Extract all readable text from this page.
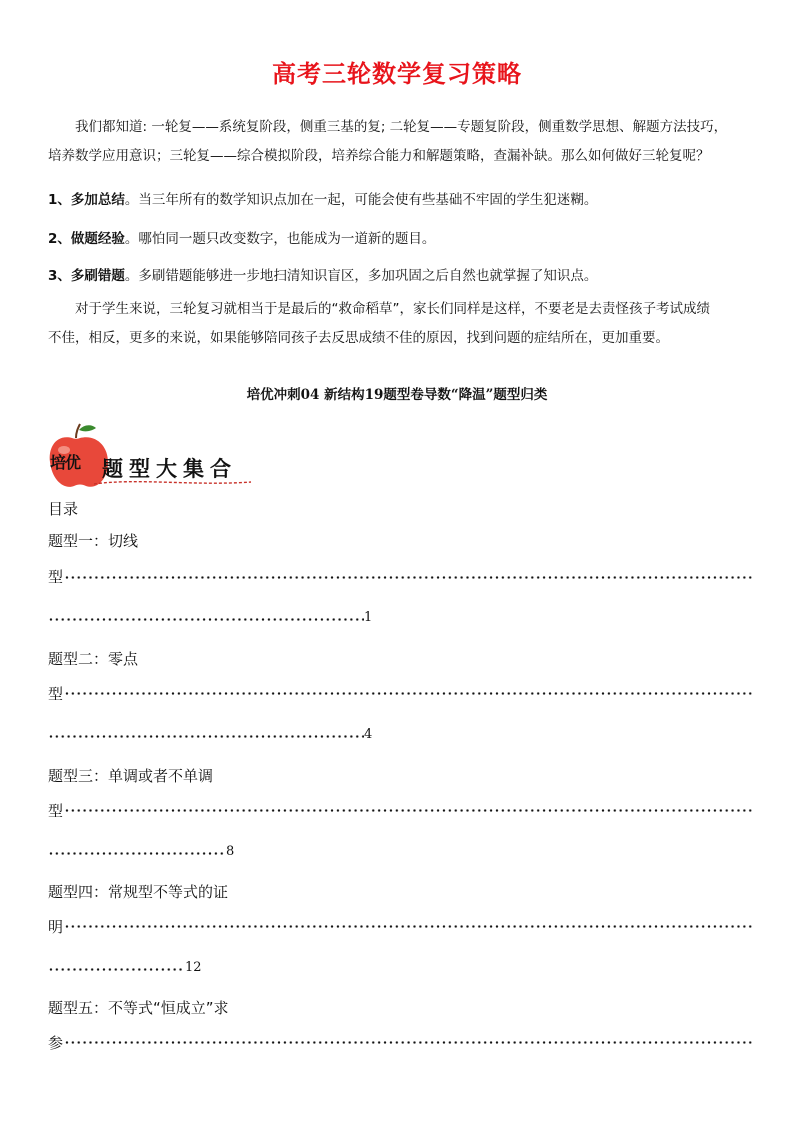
高考三轮数学复习策略
我们都知道: 一轮复——系统复阶段，侧重三基的复; 二轮复——专题复阶段，侧重数学思想、解题方法技巧，
培养数学应用意识；三轮复——综合模拟阶段，培养综合能力和解题策略，查漏补缺。那么如何做好三轮复呢？
1、多加总结。当三年所有的数学知识点加在一起，可能会使有些基础不牢固的学生犯迷糊。
2、做题经验。哪怕同一题只改变数字，也能成为一道新的题目。
3、多刷错题。多刷错题能够进一步地扫清知识盲区，多加巩固之后自然也就掌握了知识点。
对于学生来说，三轮复习就相当于是最后的“救命稻草”，家长们同样是这样，不要老是去责怪孩子考试成绩
不佳，相反，更多的来说，如果能够陪同孩子去反思成绩不佳的原因，找到问题的症结所在，更加重要。
培优冲刺04 新结构19题型卷导数“降温”题型归类
培优 题型大集合
目录
题型一：切线
型
1
题型二：零点
型
4
题型三：单调或者不单调
型
8
题型四：常规型不等式的证
明
12
题型五：不等式“恒成立”求
参
